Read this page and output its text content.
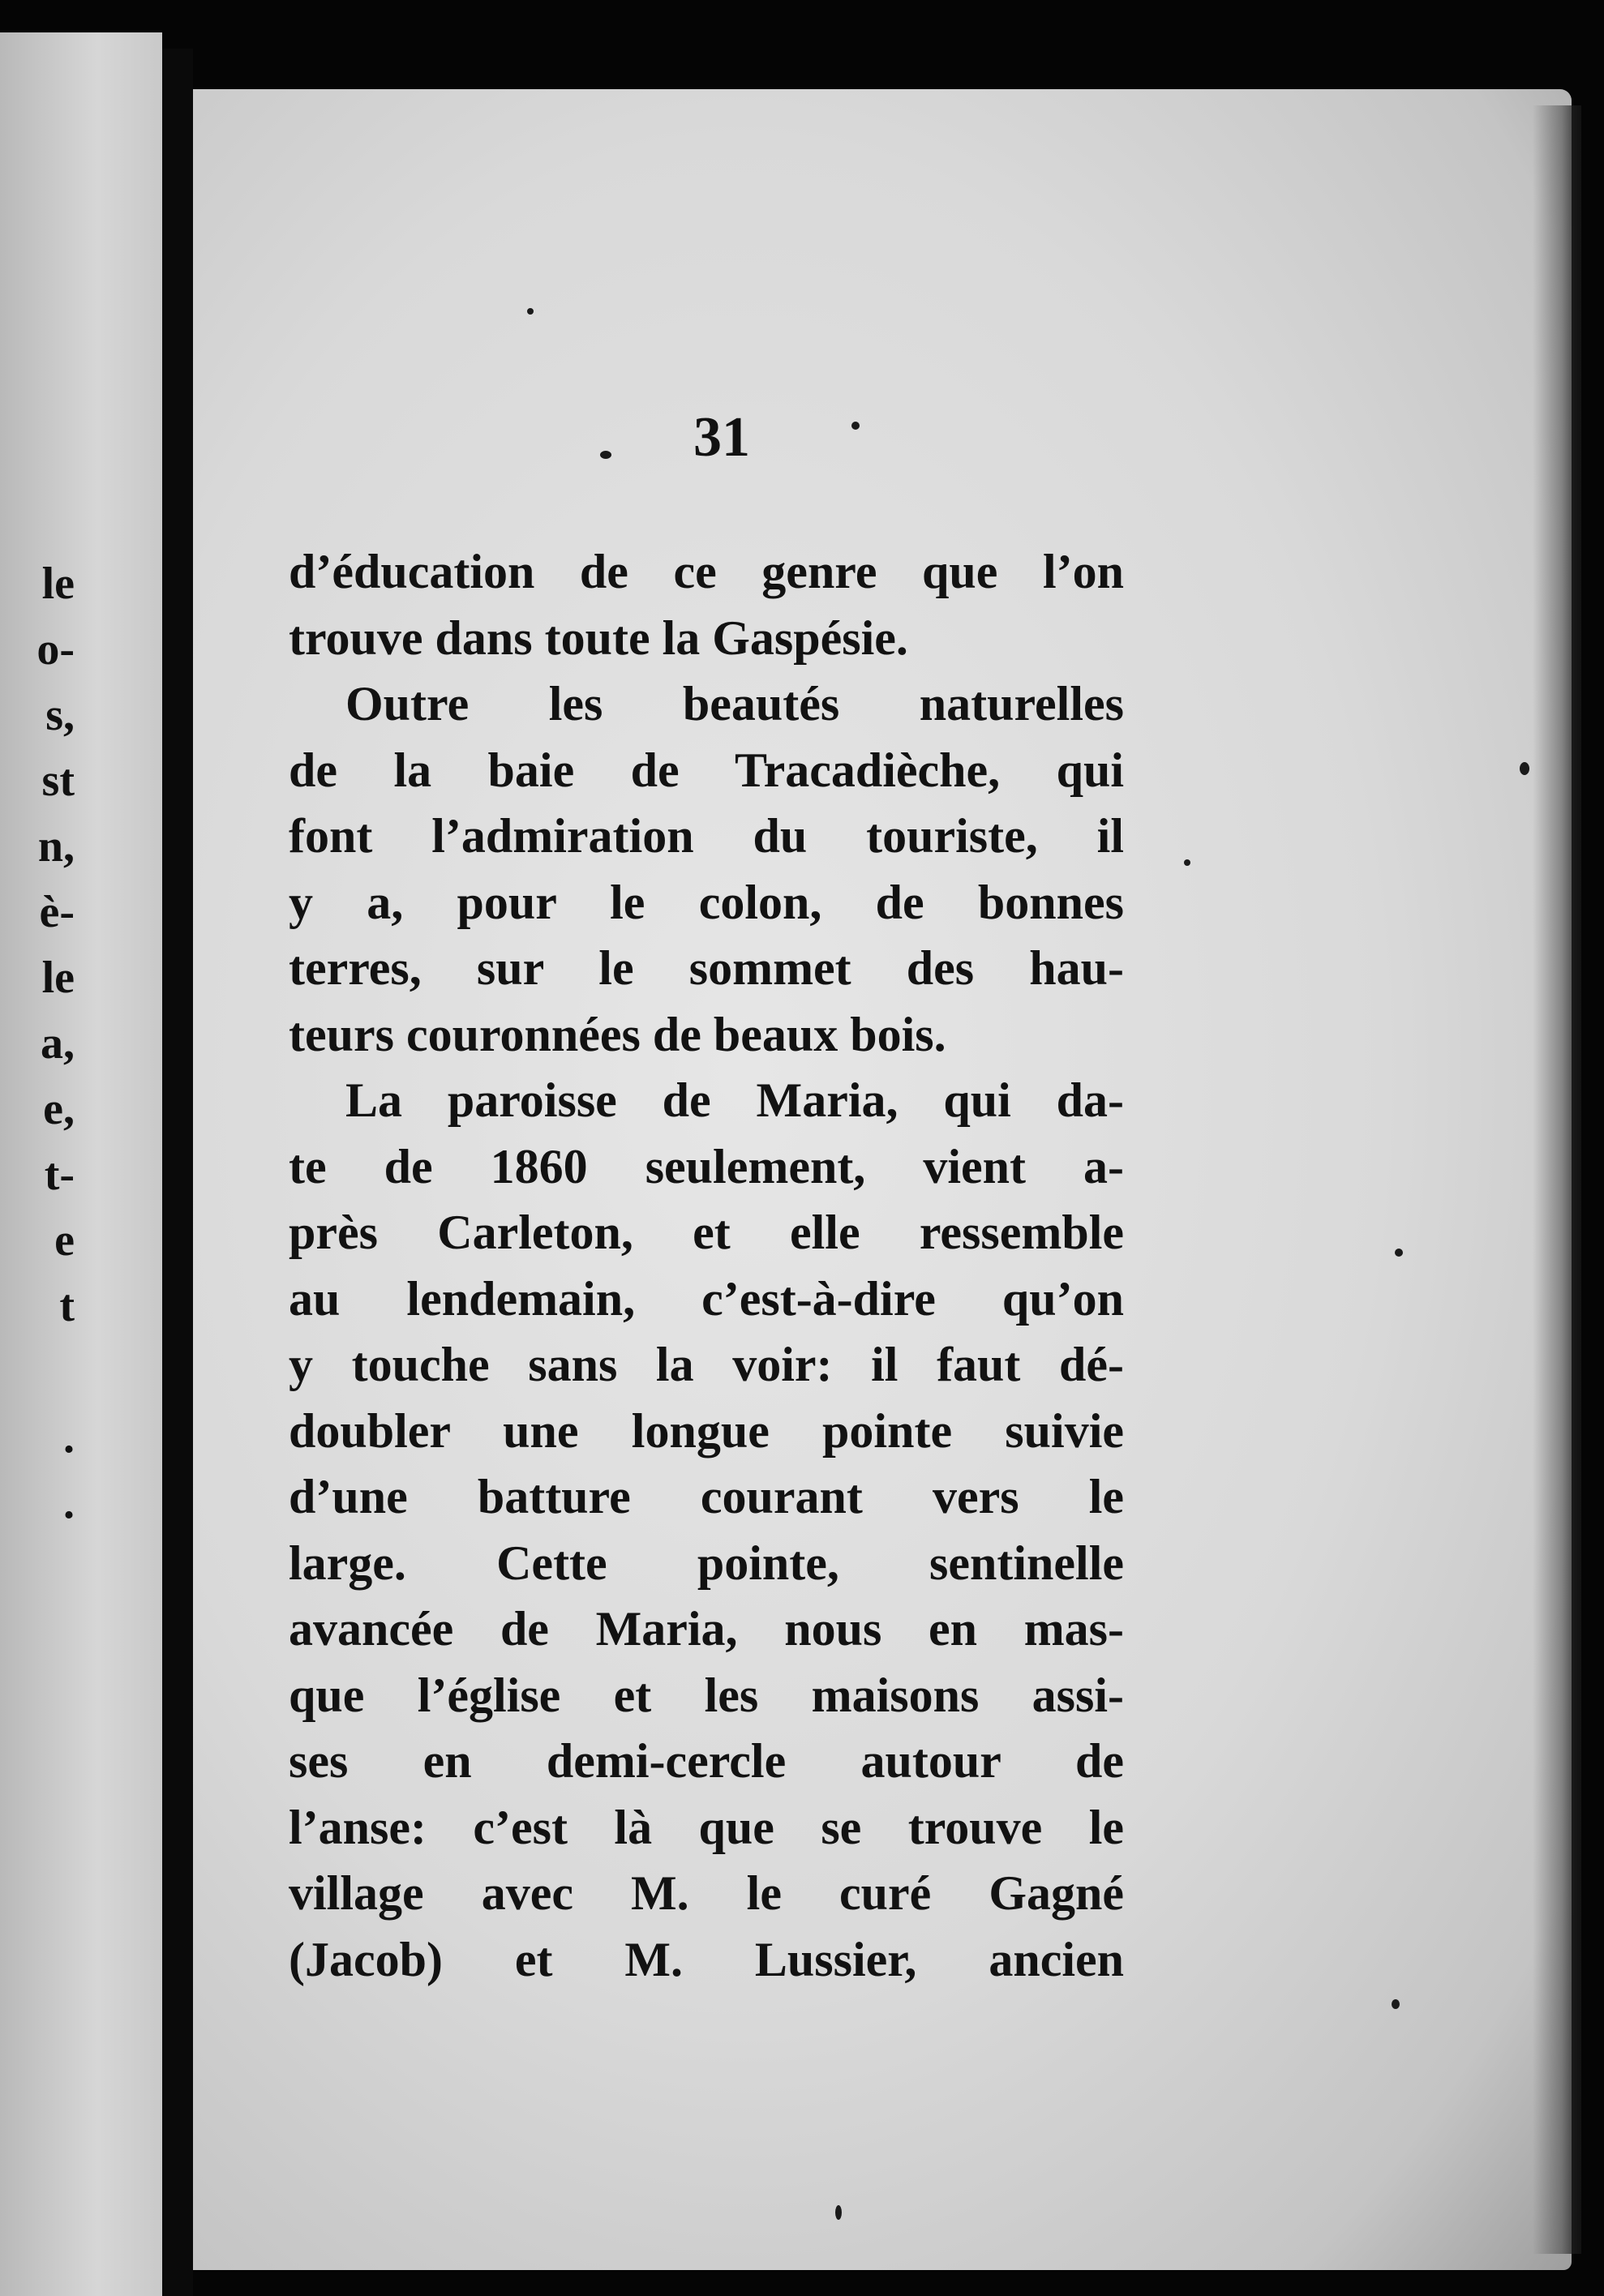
le
o-
s,
st
n,
è-
le
a,
e,
t-
e
t
.
.
31
d’éducation de ce genre que l’on
trouve dans toute la Gaspésie.
Outre les beautés naturelles
de la baie de Tracadièche, qui
font l’admiration du touriste, il
y a, pour le colon, de bonnes
terres, sur le sommet des hau-
teurs couronnées de beaux bois.
La paroisse de Maria, qui da-
te de 1860 seulement, vient a-
près Carleton, et elle ressemble
au lendemain, c’est-à-dire qu’on
y touche sans la voir: il faut dé-
doubler une longue pointe suivie
d’une batture courant vers le
large. Cette pointe, sentinelle
avancée de Maria, nous en mas-
que l’église et les maisons assi-
ses en demi-cercle autour de
l’anse: c’est là que se trouve le
village avec M. le curé Gagné
(Jacob) et M. Lussier, ancien
